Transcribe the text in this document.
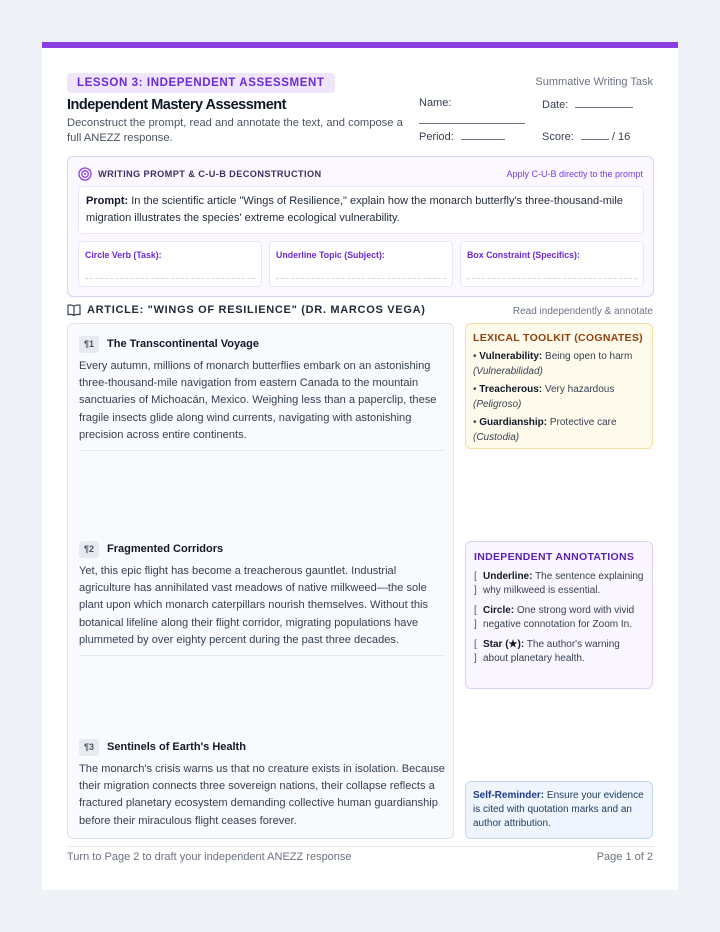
LESSON 3: INDEPENDENT ASSESSMENT	Summative Writing Task
Independent Mastery Assessment
Deconstruct the prompt, read and annotate the text, and compose a full ANEZZ response.
Name:	Date:
Period:	Score:	/ 16
WRITING PROMPT & C-U-B DECONSTRUCTION	Apply C-U-B directly to the prompt
Prompt: In the scientific article "Wings of Resilience," explain how the monarch butterfly's three-thousand-mile migration illustrates the species' extreme ecological vulnerability.
Circle Verb (Task):	Underline Topic (Subject):	Box Constraint (Specifics):
ARTICLE: "WINGS OF RESILIENCE" (DR. MARCOS VEGA)	Read independently & annotate
¶1	The Transcontinental Voyage
Every autumn, millions of monarch butterflies embark on an astonishing three-thousand-mile navigation from eastern Canada to the mountain sanctuaries of Michoacán, Mexico. Weighing less than a paperclip, these fragile insects glide along wind currents, navigating with astonishing precision across entire continents.
¶2	Fragmented Corridors
Yet, this epic flight has become a treacherous gauntlet. Industrial agriculture has annihilated vast meadows of native milkweed—the sole plant upon which monarch caterpillars nourish themselves. Without this botanical lifeline along their flight corridor, migrating populations have plummeted by over eighty percent during the past three decades.
¶3	Sentinels of Earth's Health
The monarch's crisis warns us that no creature exists in isolation. Because their migration connects three sovereign nations, their collapse reflects a fractured planetary ecosystem demanding collective human guardianship before their miraculous flight ceases forever.
LEXICAL TOOLKIT (COGNATES)
• Vulnerability: Being open to harm
(Vulnerabilidad)
• Treacherous: Very hazardous
(Peligroso)
• Guardianship: Protective care
(Custodia)
INDEPENDENT ANNOTATIONS
[
]
Underline: The sentence explaining why milkweed is essential.
[
]
Circle: One strong word with vivid negative connotation for Zoom In.
[
]
Star (★): The author's warning about planetary health.
Self-Reminder: Ensure your evidence is cited with quotation marks and an author attribution.
Turn to Page 2 to draft your independent ANEZZ response	Page 1 of 2
